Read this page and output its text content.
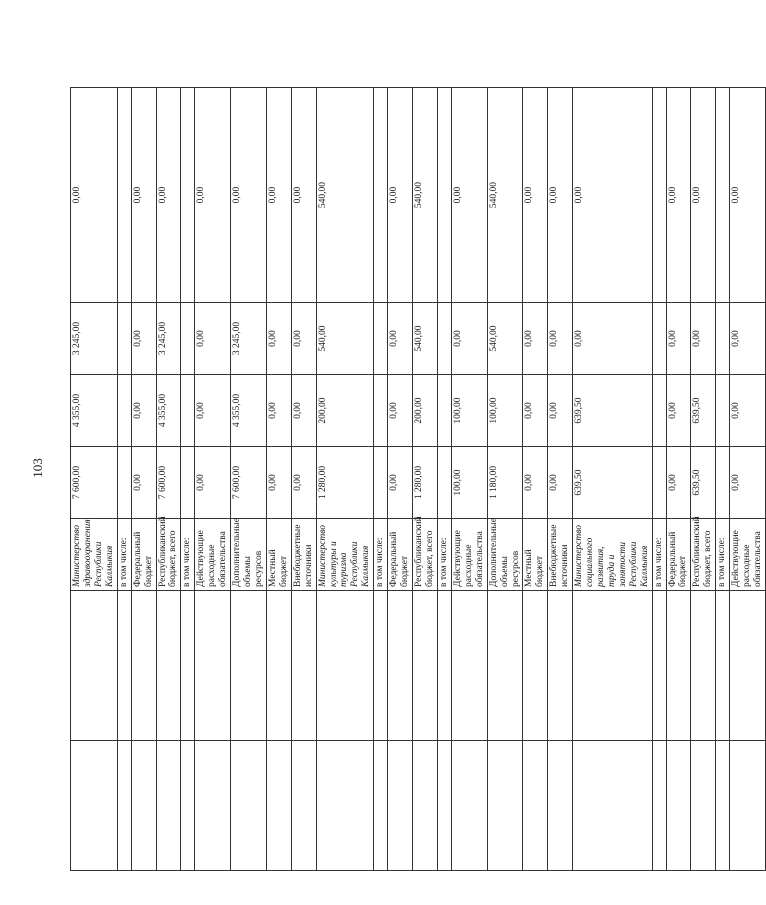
103
		Министерство здравоохранения Республики Калмыкия	7 600,00	4 355,00	3 245,00	0,00
		в том числе:				
		Федеральный бюджет	0,00	0,00	0,00	0,00
		Республиканский бюджет, всего	7 600,00	4 355,00	3 245,00	0,00
		в том числе:				
		Действующие расходные обязательства	0,00	0,00	0,00	0,00
		Дополнительные объемы ресурсов	7 600,00	4 355,00	3 245,00	0,00
		Местный бюджет	0,00	0,00	0,00	0,00
		Внебюджетные источники	0,00	0,00	0,00	0,00
		Министерство культуры и туризма Республики Калмыкия	1 280,00	200,00	540,00	540,00
		в том числе:				
		Федеральный бюджет	0,00	0,00	0,00	0,00
		Республиканский бюджет, всего	1 280,00	200,00	540,00	540,00
		в том числе:				
		Действующие расходные обязательства	100,00	100,00	0,00	0,00
		Дополнительные объемы ресурсов	1 180,00	100,00	540,00	540,00
		Местный бюджет	0,00	0,00	0,00	0,00
		Внебюджетные источники	0,00	0,00	0,00	0,00
		Министерство социального развития, труда и занятости Республики Калмыкия	639,50	639,50	0,00	0,00
		в том числе:				
		Федеральный бюджет	0,00	0,00	0,00	0,00
		Республиканский бюджет, всего	639,50	639,50	0,00	0,00
		в том числе:				
		Действующие расходные обязательства	0,00	0,00	0,00	0,00
